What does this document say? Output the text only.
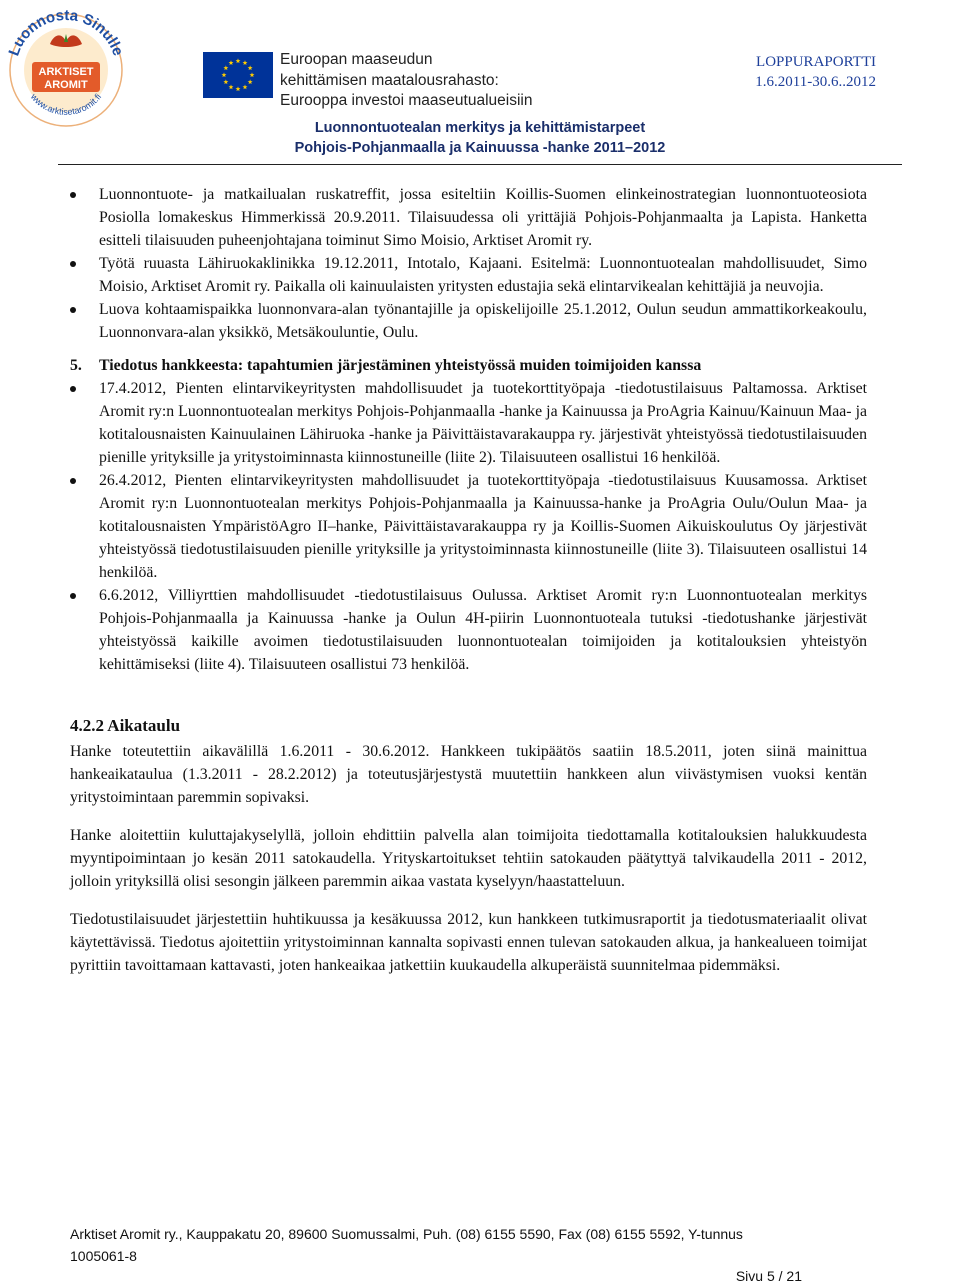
Luonnosta Sinulle
ARKTISET
AROMIT
www.arktisetaromit.fi
Euroopan maaseudun
kehittämisen maatalousrahasto:
Eurooppa investoi maaseutualueisiin
LOPPURAPORTTI
1.6.2011-30.6..2012
Luonnontuotealan merkitys ja kehittämistarpeet
Pohjois-Pohjanmaalla ja Kainuussa -hanke 2011–2012
Luonnontuote- ja matkailualan ruskatreffit, jossa esiteltiin Koillis-Suomen elinkeinostrategian luonnontuoteosiota Posiolla lomakeskus Himmerkissä 20.9.2011. Tilaisuudessa oli yrittäjiä Pohjois-Pohjanmaalta ja Lapista. Hanketta esitteli tilaisuuden puheenjohtajana toiminut Simo Moisio, Arktiset Aromit ry.
Työtä ruuasta Lähiruokaklinikka 19.12.2011, Intotalo, Kajaani. Esitelmä: Luonnontuotealan mahdollisuudet, Simo Moisio, Arktiset Aromit ry. Paikalla oli kainuulaisten yritysten edustajia sekä elintarvikealan kehittäjiä ja neuvojia.
Luova kohtaamispaikka luonnonvara-alan työnantajille ja opiskelijoille 25.1.2012, Oulun seudun ammattikorkeakoulu, Luonnonvara-alan yksikkö, Metsäkouluntie, Oulu.
5.	Tiedotus hankkeesta: tapahtumien järjestäminen yhteistyössä muiden toimijoiden kanssa
17.4.2012, Pienten elintarvikeyritysten mahdollisuudet ja tuotekorttityöpaja -tiedotustilaisuus Paltamossa. Arktiset Aromit ry:n Luonnontuotealan merkitys Pohjois-Pohjanmaalla -hanke ja Kainuussa ja ProAgria Kainuu/Kainuun Maa- ja kotitalousnaisten Kainuulainen Lähiruoka -hanke ja Päivittäistavarakauppa ry. järjestivät yhteistyössä tiedotustilaisuuden pienille yrityksille ja yritystoiminnasta kiinnostuneille (liite 2). Tilaisuuteen osallistui 16 henkilöä.
26.4.2012, Pienten elintarvikeyritysten mahdollisuudet ja tuotekorttityöpaja -tiedotustilaisuus Kuusamossa. Arktiset Aromit ry:n Luonnontuotealan merkitys Pohjois-Pohjanmaalla ja Kainuussa-hanke ja ProAgria Oulu/Oulun Maa- ja kotitalousnaisten YmpäristöAgro II–hanke, Päivittäistavarakauppa ry ja Koillis-Suomen Aikuiskoulutus Oy järjestivät yhteistyössä tiedotustilaisuuden pienille yrityksille ja yritystoiminnasta kiinnostuneille (liite 3). Tilaisuuteen osallistui 14 henkilöä.
6.6.2012, Villiyrttien mahdollisuudet -tiedotustilaisuus Oulussa. Arktiset Aromit ry:n Luonnontuotealan merkitys Pohjois-Pohjanmaalla ja Kainuussa -hanke ja Oulun 4H-piirin Luonnontuoteala tutuksi -tiedotushanke järjestivät yhteistyössä kaikille avoimen tiedotustilaisuuden luonnontuotealan toimijoiden ja kotitalouksien yhteistyön kehittämiseksi (liite 4). Tilaisuuteen osallistui 73 henkilöä.
4.2.2 Aikataulu

Hanke toteutettiin aikavälillä 1.6.2011 - 30.6.2012. Hankkeen tukipäätös saatiin 18.5.2011, joten siinä mainittua hankeaikataulua (1.3.2011 - 28.2.2012) ja toteutusjärjestystä muutettiin hankkeen alun viivästymisen vuoksi kentän yritystoimintaan paremmin sopivaksi.

Hanke aloitettiin kuluttajakyselyllä, jolloin ehdittiin palvella alan toimijoita tiedottamalla kotitalouksien halukkuudesta myyntipoimintaan jo kesän 2011 satokaudella. Yrityskartoitukset tehtiin satokauden päätyttyä talvikaudella 2011 - 2012, jolloin yrityksillä olisi sesongin jälkeen paremmin aikaa vastata kyselyyn/haastatteluun.

Tiedotustilaisuudet järjestettiin huhtikuussa ja kesäkuussa 2012, kun hankkeen tutkimusraportit ja tiedotusmateriaalit olivat käytettävissä. Tiedotus ajoitettiin yritystoiminnan kannalta sopivasti ennen tulevan satokauden alkua, ja hankealueen toimijat pyrittiin tavoittamaan kattavasti, joten hankeaikaa jatkettiin kuukaudella alkuperäistä suunnitelmaa pidemmäksi.

Arktiset Aromit ry., Kauppakatu 20, 89600 Suomussalmi, Puh. (08) 6155 5590, Fax (08) 6155 5592, Y-tunnus
1005061-8
Sivu 5 / 21
